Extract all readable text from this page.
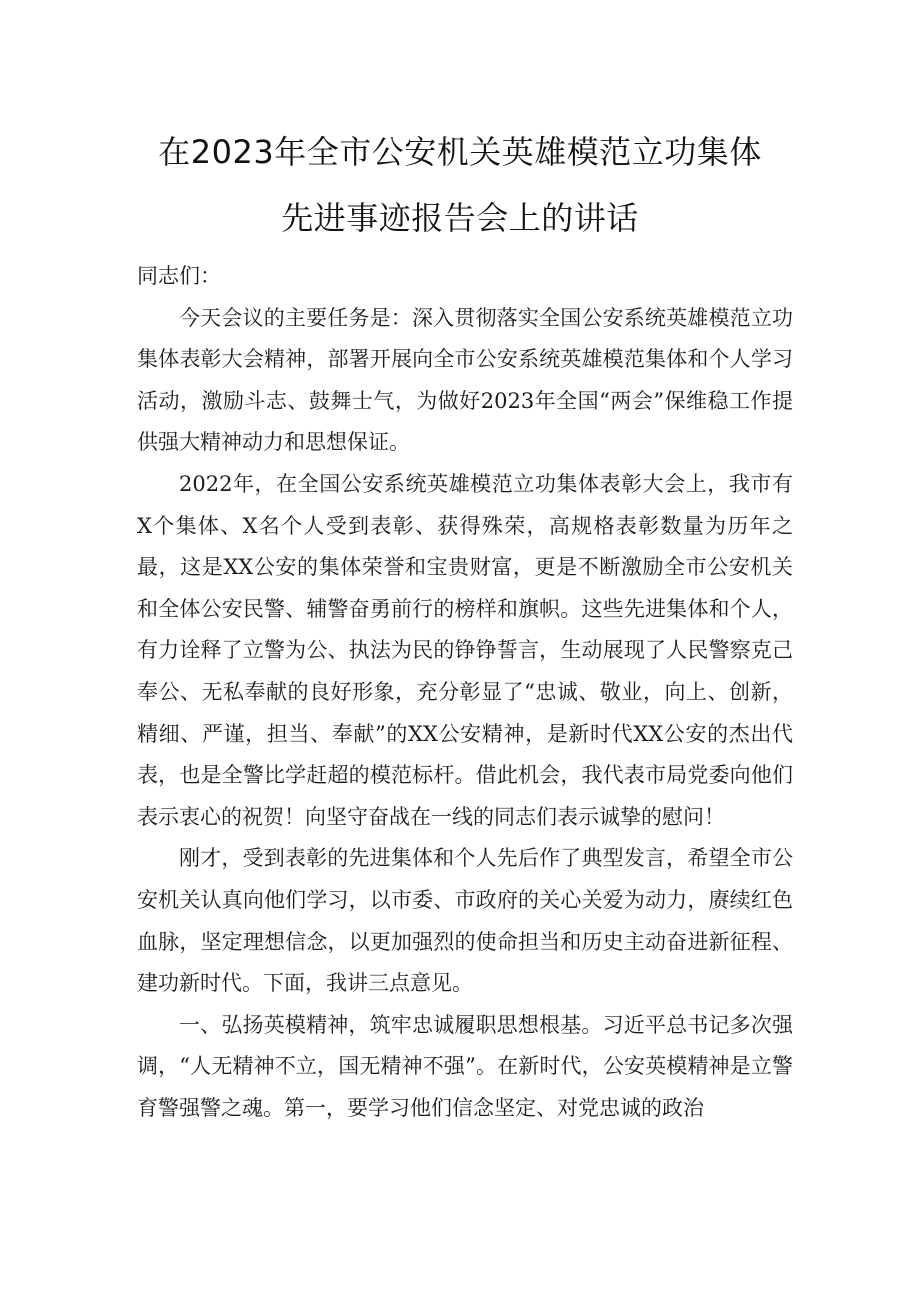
在2023年全市公安机关英雄模范立功集体
先进事迹报告会上的讲话

同志们：

今天会议的主要任务是：深入贯彻落实全国公安系统英雄模范立功集体表彰大会精神，部署开展向全市公安系统英雄模范集体和个人学习活动，激励斗志、鼓舞士气，为做好2023年全国“两会”保维稳工作提供强大精神动力和思想保证。

2022年，在全国公安系统英雄模范立功集体表彰大会上，我市有X个集体、X名个人受到表彰、获得殊荣，高规格表彰数量为历年之最，这是XX公安的集体荣誉和宝贵财富，更是不断激励全市公安机关和全体公安民警、辅警奋勇前行的榜样和旗帜。这些先进集体和个人，有力诠释了立警为公、执法为民的铮铮誓言，生动展现了人民警察克己奉公、无私奉献的良好形象，充分彰显了“忠诚、敬业，向上、创新，精细、严谨，担当、奉献”的XX公安精神，是新时代XX公安的杰出代表，也是全警比学赶超的模范标杆。借此机会，我代表市局党委向他们表示衷心的祝贺！向坚守奋战在一线的同志们表示诚挚的慰问！

刚才，受到表彰的先进集体和个人先后作了典型发言，希望全市公安机关认真向他们学习，以市委、市政府的关心关爱为动力，赓续红色血脉，坚定理想信念，以更加强烈的使命担当和历史主动奋进新征程、建功新时代。下面，我讲三点意见。

一、弘扬英模精神，筑牢忠诚履职思想根基。习近平总书记多次强调，“人无精神不立，国无精神不强”。在新时代，公安英模精神是立警育警强警之魂。第一，要学习他们信念坚定、对党忠诚的政治
